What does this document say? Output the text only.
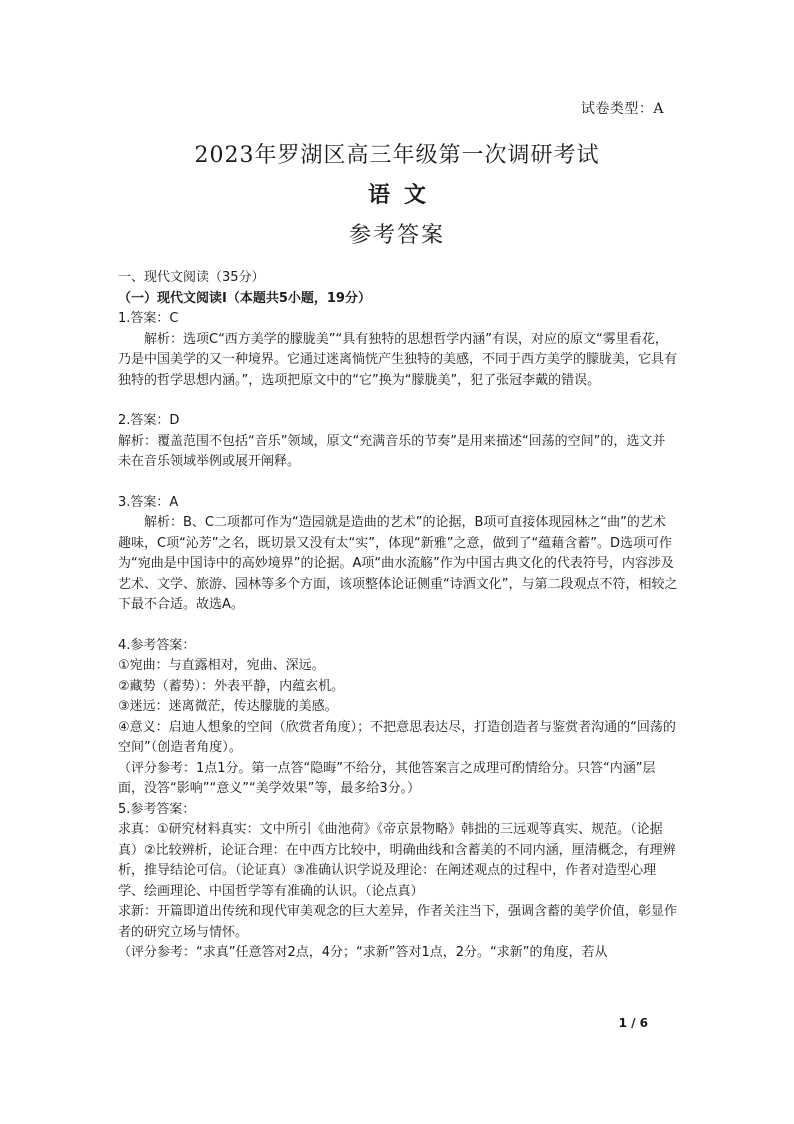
试卷类型：A
2023年罗湖区高三年级第一次调研考试
语文
参考答案

一、现代文阅读（35分）

（一）现代文阅读I（本题共5小题，19分）

1.答案：C

解析：选项C“西方美学的朦胧美”“具有独特的思想哲学内涵”有误，对应的原文“雾里看花，乃是中国美学的又一种境界。它通过迷离惝恍产生独特的美感，不同于西方美学的朦胧美，它具有独特的哲学思想内涵。”，选项把原文中的“它”换为“朦胧美”，犯了张冠李戴的错误。

2.答案：D

解析：覆盖范围不包括“音乐”领域，原文“充满音乐的节奏”是用来描述“回荡的空间”的，选文并未在音乐领域举例或展开阐释。

3.答案：A

解析：B、C二项都可作为“造园就是造曲的艺术”的论据，B项可直接体现园林之“曲”的艺术趣味，C项“沁芳”之名，既切景又没有太“实”，体现“新雅”之意，做到了“蕴藉含蓄”。D选项可作为“宛曲是中国诗中的高妙境界”的论据。A项“曲水流觞”作为中国古典文化的代表符号，内容涉及艺术、文学、旅游、园林等多个方面，该项整体论证侧重“诗酒文化”，与第二段观点不符，相较之下最不合适。故选A。

4.参考答案：

①宛曲：与直露相对，宛曲、深远。

②藏势（蓄势）：外表平静，内蕴玄机。

③迷远：迷离微茫，传达朦胧的美感。

④意义：启迪人想象的空间（欣赏者角度）；不把意思表达尽，打造创造者与鉴赏者沟通的“回荡的空间”（创造者角度）。

（评分参考：1点1分。第一点答“隐晦”不给分，其他答案言之成理可酌情给分。只答“内涵”层面，没答“影响”“意义”“美学效果”等，最多给3分。）

5.参考答案：

求真：①研究材料真实：文中所引《曲池荷》《帝京景物略》韩拙的三远观等真实、规范。（论据真）②比较辨析，论证合理：在中西方比较中，明确曲线和含蓄美的不同内涵，厘清概念，有理辨析，推导结论可信。（论证真）③准确认识学说及理论：在阐述观点的过程中，作者对造型心理学、绘画理论、中国哲学等有准确的认识。（论点真）

求新：开篇即道出传统和现代审美观念的巨大差异，作者关注当下，强调含蓄的美学价值，彰显作者的研究立场与情怀。

（评分参考：“求真”任意答对2点，4分；“求新”答对1点，2分。“求新”的角度，若从

1 / 6
